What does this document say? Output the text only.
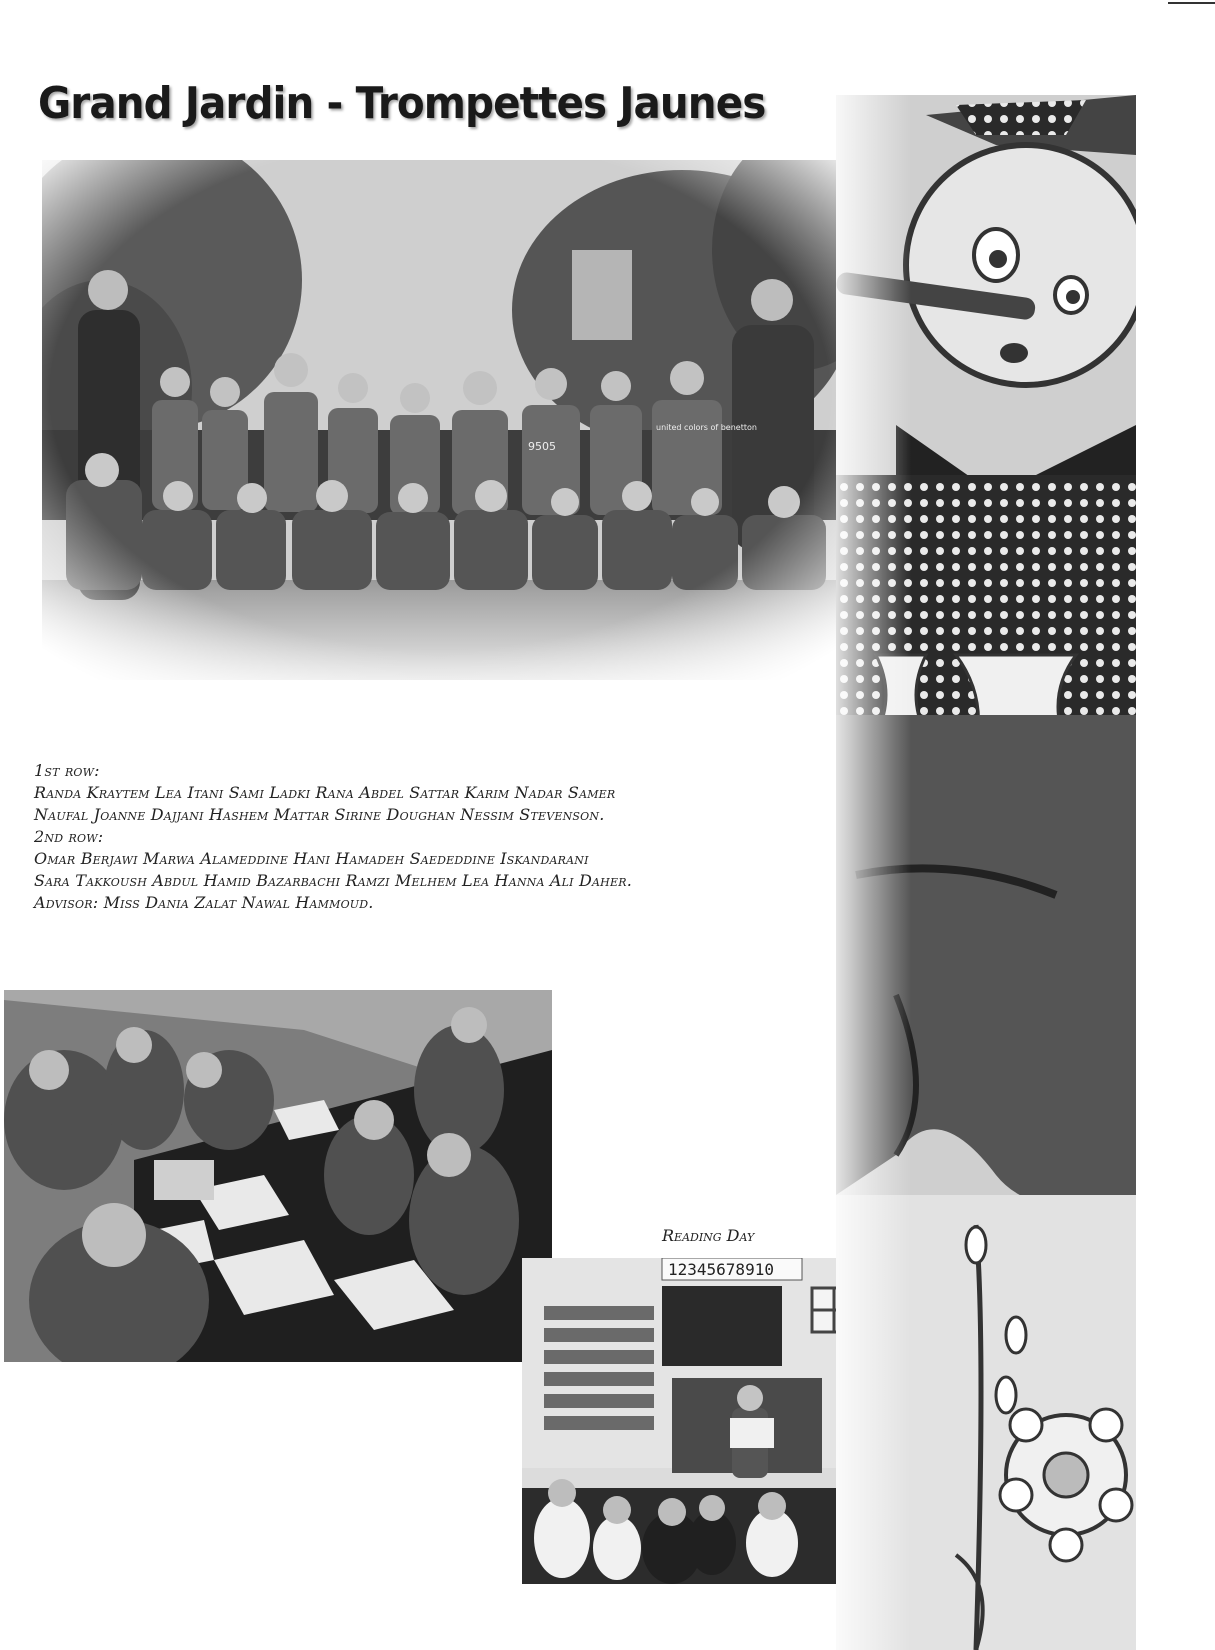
Grand Jardin - Trompettes Jaunes
1st row:
Randa Kraytem Lea Itani Sami Ladki Rana Abdel Sattar Karim Nadar Samer
Naufal Joanne Dajjani Hashem Mattar Sirine Doughan Nessim Stevenson.
2nd row:
Omar Berjawi Marwa Alameddine Hani Hamadeh Saededdine Iskandarani
Sara Takkoush Abdul Hamid Bazarbachi Ramzi Melhem Lea Hanna Ali Daher.
Advisor: Miss Dania Zalat Nawal Hammoud.
Reading Day
12345678910
